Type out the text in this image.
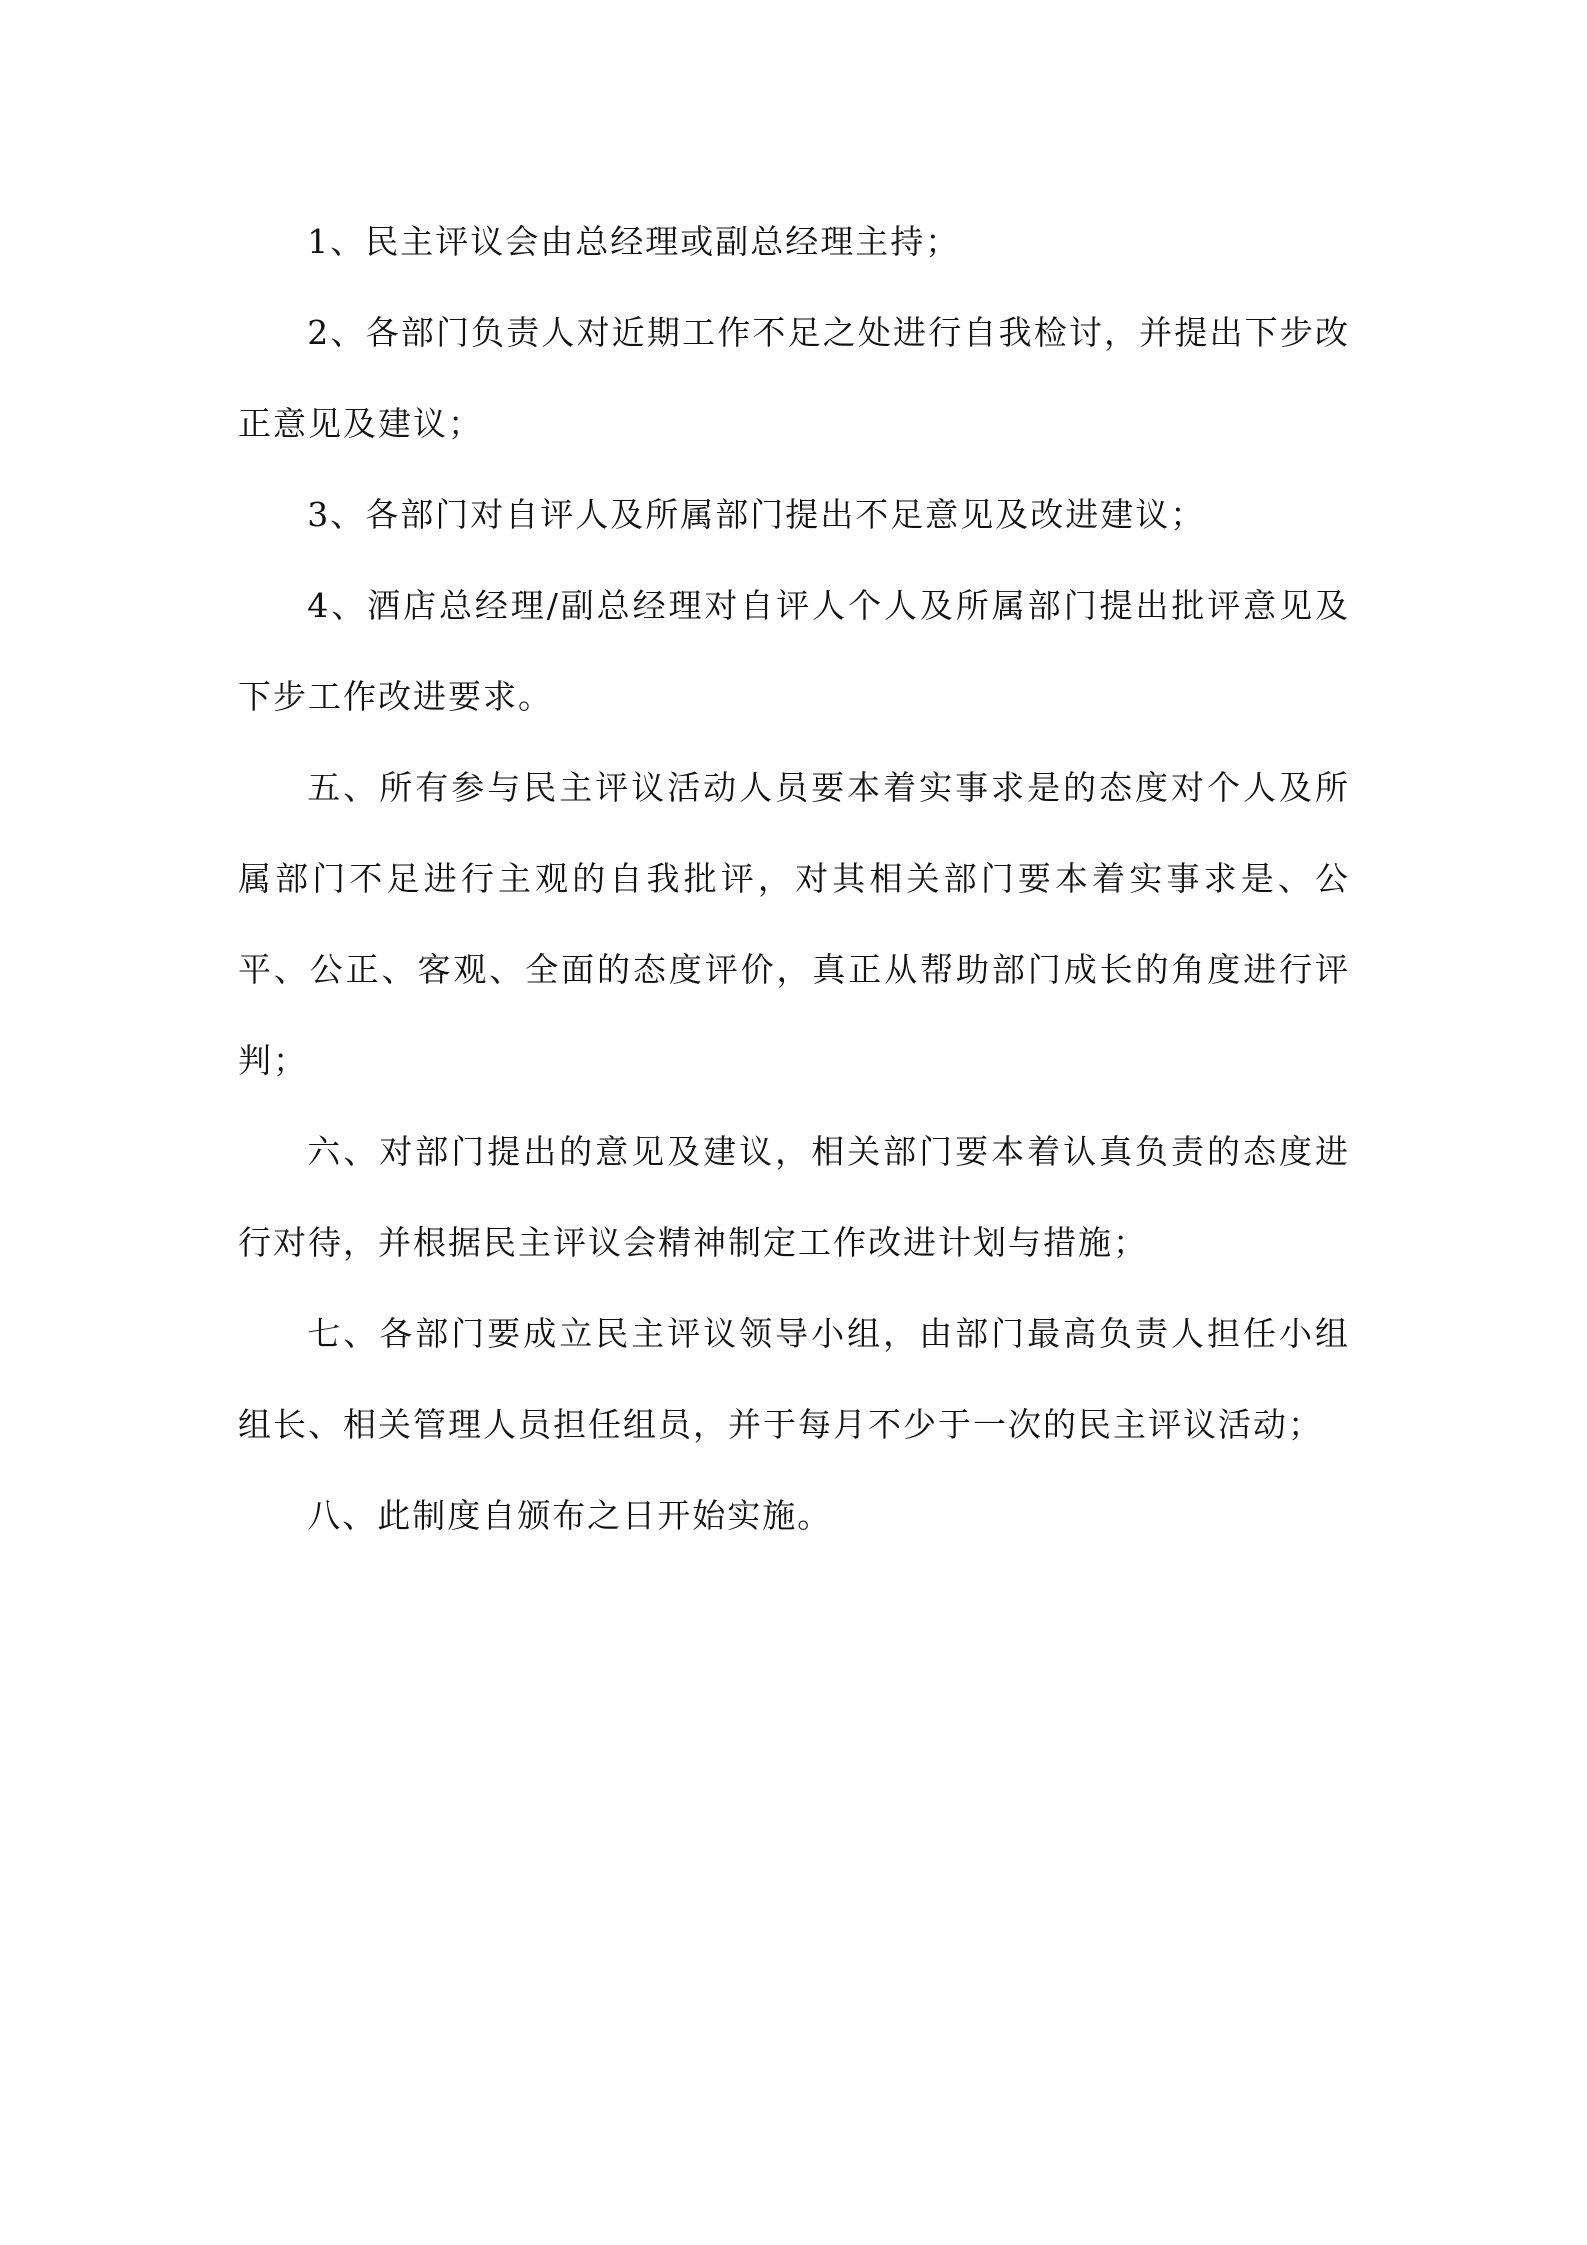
1、民主评议会由总经理或副总经理主持；

2、各部门负责人对近期工作不足之处进行自我检讨，并提出下步改正意见及建议；

3、各部门对自评人及所属部门提出不足意见及改进建议；

4、酒店总经理/副总经理对自评人个人及所属部门提出批评意见及下步工作改进要求。

五、所有参与民主评议活动人员要本着实事求是的态度对个人及所属部门不足进行主观的自我批评，对其相关部门要本着实事求是、公平、公正、客观、全面的态度评价，真正从帮助部门成长的角度进行评判；

六、对部门提出的意见及建议，相关部门要本着认真负责的态度进行对待，并根据民主评议会精神制定工作改进计划与措施；

七、各部门要成立民主评议领导小组，由部门最高负责人担任小组组长、相关管理人员担任组员，并于每月不少于一次的民主评议活动；

八、此制度自颁布之日开始实施。
